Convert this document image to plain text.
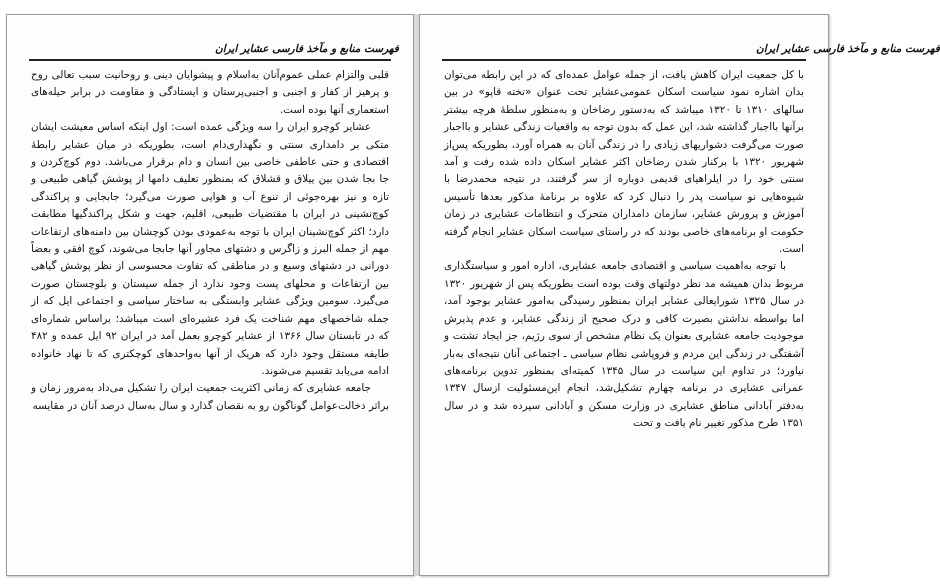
فهرست منابع و مآخذ فارسی عشایر ایران

قلبی والتزام عملی عموم‌آنان به‌اسلام و پیشوایان دینی و روحانیت سبب تعالی روح و پرهیز از کفار و اجنبی و اجنبی‌پرستان و ایستادگی و مقاومت در برابر حیله‌های استعماری آنها بوده است.

عشایر کوچرو ایران را سه ویژگی عمده است: اول اینکه اساس معیشت ایشان متکی بر دامداری سنتی و نگهداری‌دام است، بطوریکه در میان عشایر رابطهٔ اقتصادی و حتی عاطفی خاصی بین انسان و دام برقرار می‌باشد. دوم کوچ‌کردن و جا بجا شدن بین ییلاق و قشلاق که بمنظور تعلیف دامها از پوشش گیاهی طبیعی و تازه و نیز بهره‌جوئی از تنوع آب و هوایی صورت می‌گیرد؛ جابجایی و پراکندگی کوچ‌نشینی در ایران با مقتضیات طبیعی، اقلیم، جهت و شکل پراکندگیها مطابقت دارد؛ اکثر کوچ‌نشینان ایران با توجه به‌عمودی بودن کوچشان بین دامنه‌های ارتفاعات مهم از جمله البرز و زاگرس و دشتهای مجاور آنها جابجا می‌شوند، کوچ افقی و بعضاً دورانی در دشتهای وسیع و در مناطقی که تفاوت محسوسی از نظر پوشش گیاهی بین ارتفاعات و محلهای پست وجود ندارد از جمله سیستان و بلوچستان صورت می‌گیرد. سومین ویژگی عشایر وابستگی به ساختار سیاسی و اجتماعی ایل که از جمله شاخصهای مهم شناخت یک فرد عشیره‌ای است میباشد؛ براساس شماره‌ای که در تابستان سال ۱۳۶۶ از عشایر کوچرو بعمل آمد در ایران ۹۲ ایل عمده و ۴۸۲ طایفه مستقل وجود دارد که هریک از آنها به‌واحدهای کوچکتری که تا نهاد خانواده ادامه می‌یابد تقسیم می‌شوند.

جامعه عشایری که زمانی اکثریت جمعیت ایران را تشکیل می‌داد به‌مرور زمان و براثر دخالت‌عوامل گوناگون رو به نقصان گذارد و سال به‌سال درصد آنان در مقایسه

فهرست منابع و مآخذ فارسی عشایر ایران

با کل جمعیت ایران کاهش یافت، از جمله عوامل عمده‌ای که در این رابطه می‌توان بدان اشاره نمود سیاست اسکان عمومی‌عشایر تحت عنوان «تخته قاپو» در بین سالهای ۱۳۱۰ تا ۱۳۲۰ میباشد که به‌دستور رضاخان و به‌منظور سلطهٔ هرچه بیشتر برآنها بااجبار گذاشته شد، این عمل که بدون توجه به واقعیات زندگی عشایر و بااجبار صورت می‌گرفت دشواریهای زیادی را در زندگی آنان به همراه آورد، بطوریکه پس‌از شهریور ۱۳۲۰ با برکنار شدن رضاخان اکثر عشایر اسکان داده شده رفت و آمد سنتی خود را در ایلراهیای قدیمی دوباره از سر گرفتند، در نتیجه محمدرضا با شیوه‌هایی نو سیاست پدر را دنبال کرد که علاوه بر برنامهٔ مذکور بعدها تأسیس آموزش و پرورش عشایر، سازمان دامداران متحرک و انتظامات عشایری در زمان حکومت او برنامه‌های خاصی بودند که در راستای سیاست اسکان عشایر انجام گرفته است.

با توجه به‌اهمیت سیاسی و اقتصادی جامعه عشایری، اداره امور و سیاستگذاری مربوط بدان همیشه مد نظر دولتهای وقت بوده است بطوریکه پس از شهریور ۱۳۲۰ در سال ۱۳۲۵ شورایعالی عشایر ایران بمنظور رسیدگی به‌امور عشایر بوجود آمد، اما بواسطه نداشتن بصیرت کافی و درک صحیح از زندگی عشایر، و عدم پذیرش موجودیت جامعه عشایری بعنوان یک نظام مشخص از سوی رژیم، جز ایجاد تشتت و آشفتگی در زندگی این مردم و فروپاشی نظام سیاسی ـ اجتماعی آنان نتیجه‌ای به‌بار نیاورد؛ در تداوم این سیاست در سال ۱۳۴۵ کمیته‌ای بمنظور تدوین برنامه‌های عمرانی عشایری در برنامه چهارم تشکیل‌شد، انجام این‌مسئولیت ازسال ۱۳۴۷ به‌دفتر آبادانی مناطق عشایری در وزارت مسکن و آبادانی سپرده شد و در سال ۱۳۵۱ طرح مذکور تغییر نام یافت و تحت
